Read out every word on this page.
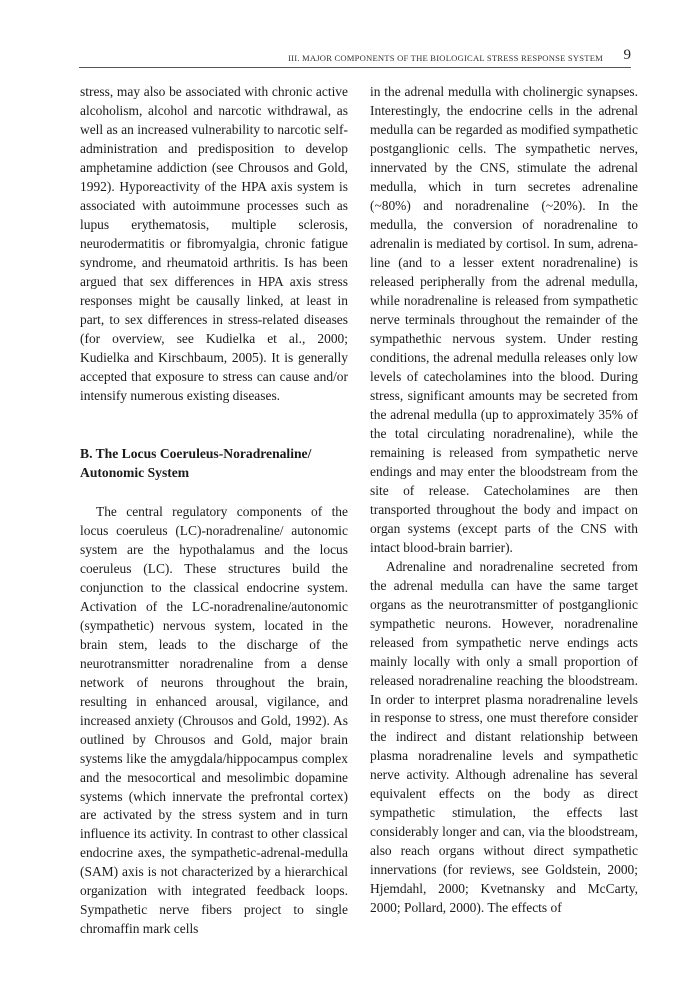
III. MAJOR COMPONENTS OF THE BIOLOGICAL STRESS RESPONSE SYSTEM 9

stress, may also be associated with chronic active alcoholism, alcohol and narcotic withdrawal, as well as an increased vulnerability to narcotic self-administration and predisposition to develop amphetamine addiction (see Chrousos and Gold, 1992). Hyporeactivity of the HPA axis system is associated with autoimmune processes such as lupus erythematosis, multiple sclerosis, neurodermatitis or fibromyalgia, chronic fatigue syndrome, and rheumatoid arthritis. Is has been argued that sex differences in HPA axis stress responses might be causally linked, at least in part, to sex differences in stress-related diseases (for overview, see Kudielka et al., 2000; Kudielka and Kirschbaum, 2005). It is generally accepted that exposure to stress can cause and/or intensify numerous existing diseases.

B. The Locus Coeruleus-Noradrenaline/
Autonomic System

The central regulatory components of the locus coeruleus (LC)-noradrenaline/ autonomic system are the hypothalamus and the locus coeruleus (LC). These structures build the conjunction to the classical endocrine system. Activation of the LC-noradrenaline/autonomic (sympathetic) nervous system, located in the brain stem, leads to the discharge of the neurotransmitter noradrenaline from a dense network of neurons throughout the brain, resulting in enhanced arousal, vigilance, and increased anxiety (Chrousos and Gold, 1992). As outlined by Chrousos and Gold, major brain systems like the amygdala/hippocampus complex and the mesocortical and mesolimbic dopamine systems (which innervate the prefrontal cortex) are activated by the stress system and in turn influence its activity. In contrast to other classical endocrine axes, the sympathetic-adrenal-medulla (SAM) axis is not characterized by a hierarchical organization with integrated feedback loops. Sympathetic nerve fibers project to single chromaffin mark cells

in the adrenal medulla with cholinergic synapses. Interestingly, the endocrine cells in the adrenal medulla can be regarded as modified sympathetic postganglionic cells. The sympathetic nerves, innervated by the CNS, stimulate the adrenal medulla, which in turn secretes adrenaline (~80%) and noradrenaline (~20%). In the medulla, the conversion of noradrenaline to adrenalin is mediated by cortisol. In sum, adrenaline (and to a lesser extent noradrenaline) is released peripherally from the adrenal medulla, while noradrenaline is released from sympathetic nerve terminals throughout the remainder of the sympathethic nervous system. Under resting conditions, the adrenal medulla releases only low levels of catecholamines into the blood. During stress, significant amounts may be secreted from the adrenal medulla (up to approximately 35% of the total circulating noradrenaline), while the remaining is released from sympathetic nerve endings and may enter the bloodstream from the site of release. Catecholamines are then transported throughout the body and impact on organ systems (except parts of the CNS with intact blood-brain barrier).

Adrenaline and noradrenaline secreted from the adrenal medulla can have the same target organs as the neurotransmitter of postganglionic sympathetic neurons. However, noradrenaline released from sympathetic nerve endings acts mainly locally with only a small proportion of released noradrenaline reaching the bloodstream. In order to interpret plasma noradrenaline levels in response to stress, one must therefore consider the indirect and distant relationship between plasma noradrenaline levels and sympathetic nerve activity. Although adrenaline has several equivalent effects on the body as direct sympathetic stimulation, the effects last considerably longer and can, via the bloodstream, also reach organs without direct sympathetic innervations (for reviews, see Goldstein, 2000; Hjemdahl, 2000; Kvetnansky and McCarty, 2000; Pollard, 2000). The effects of
